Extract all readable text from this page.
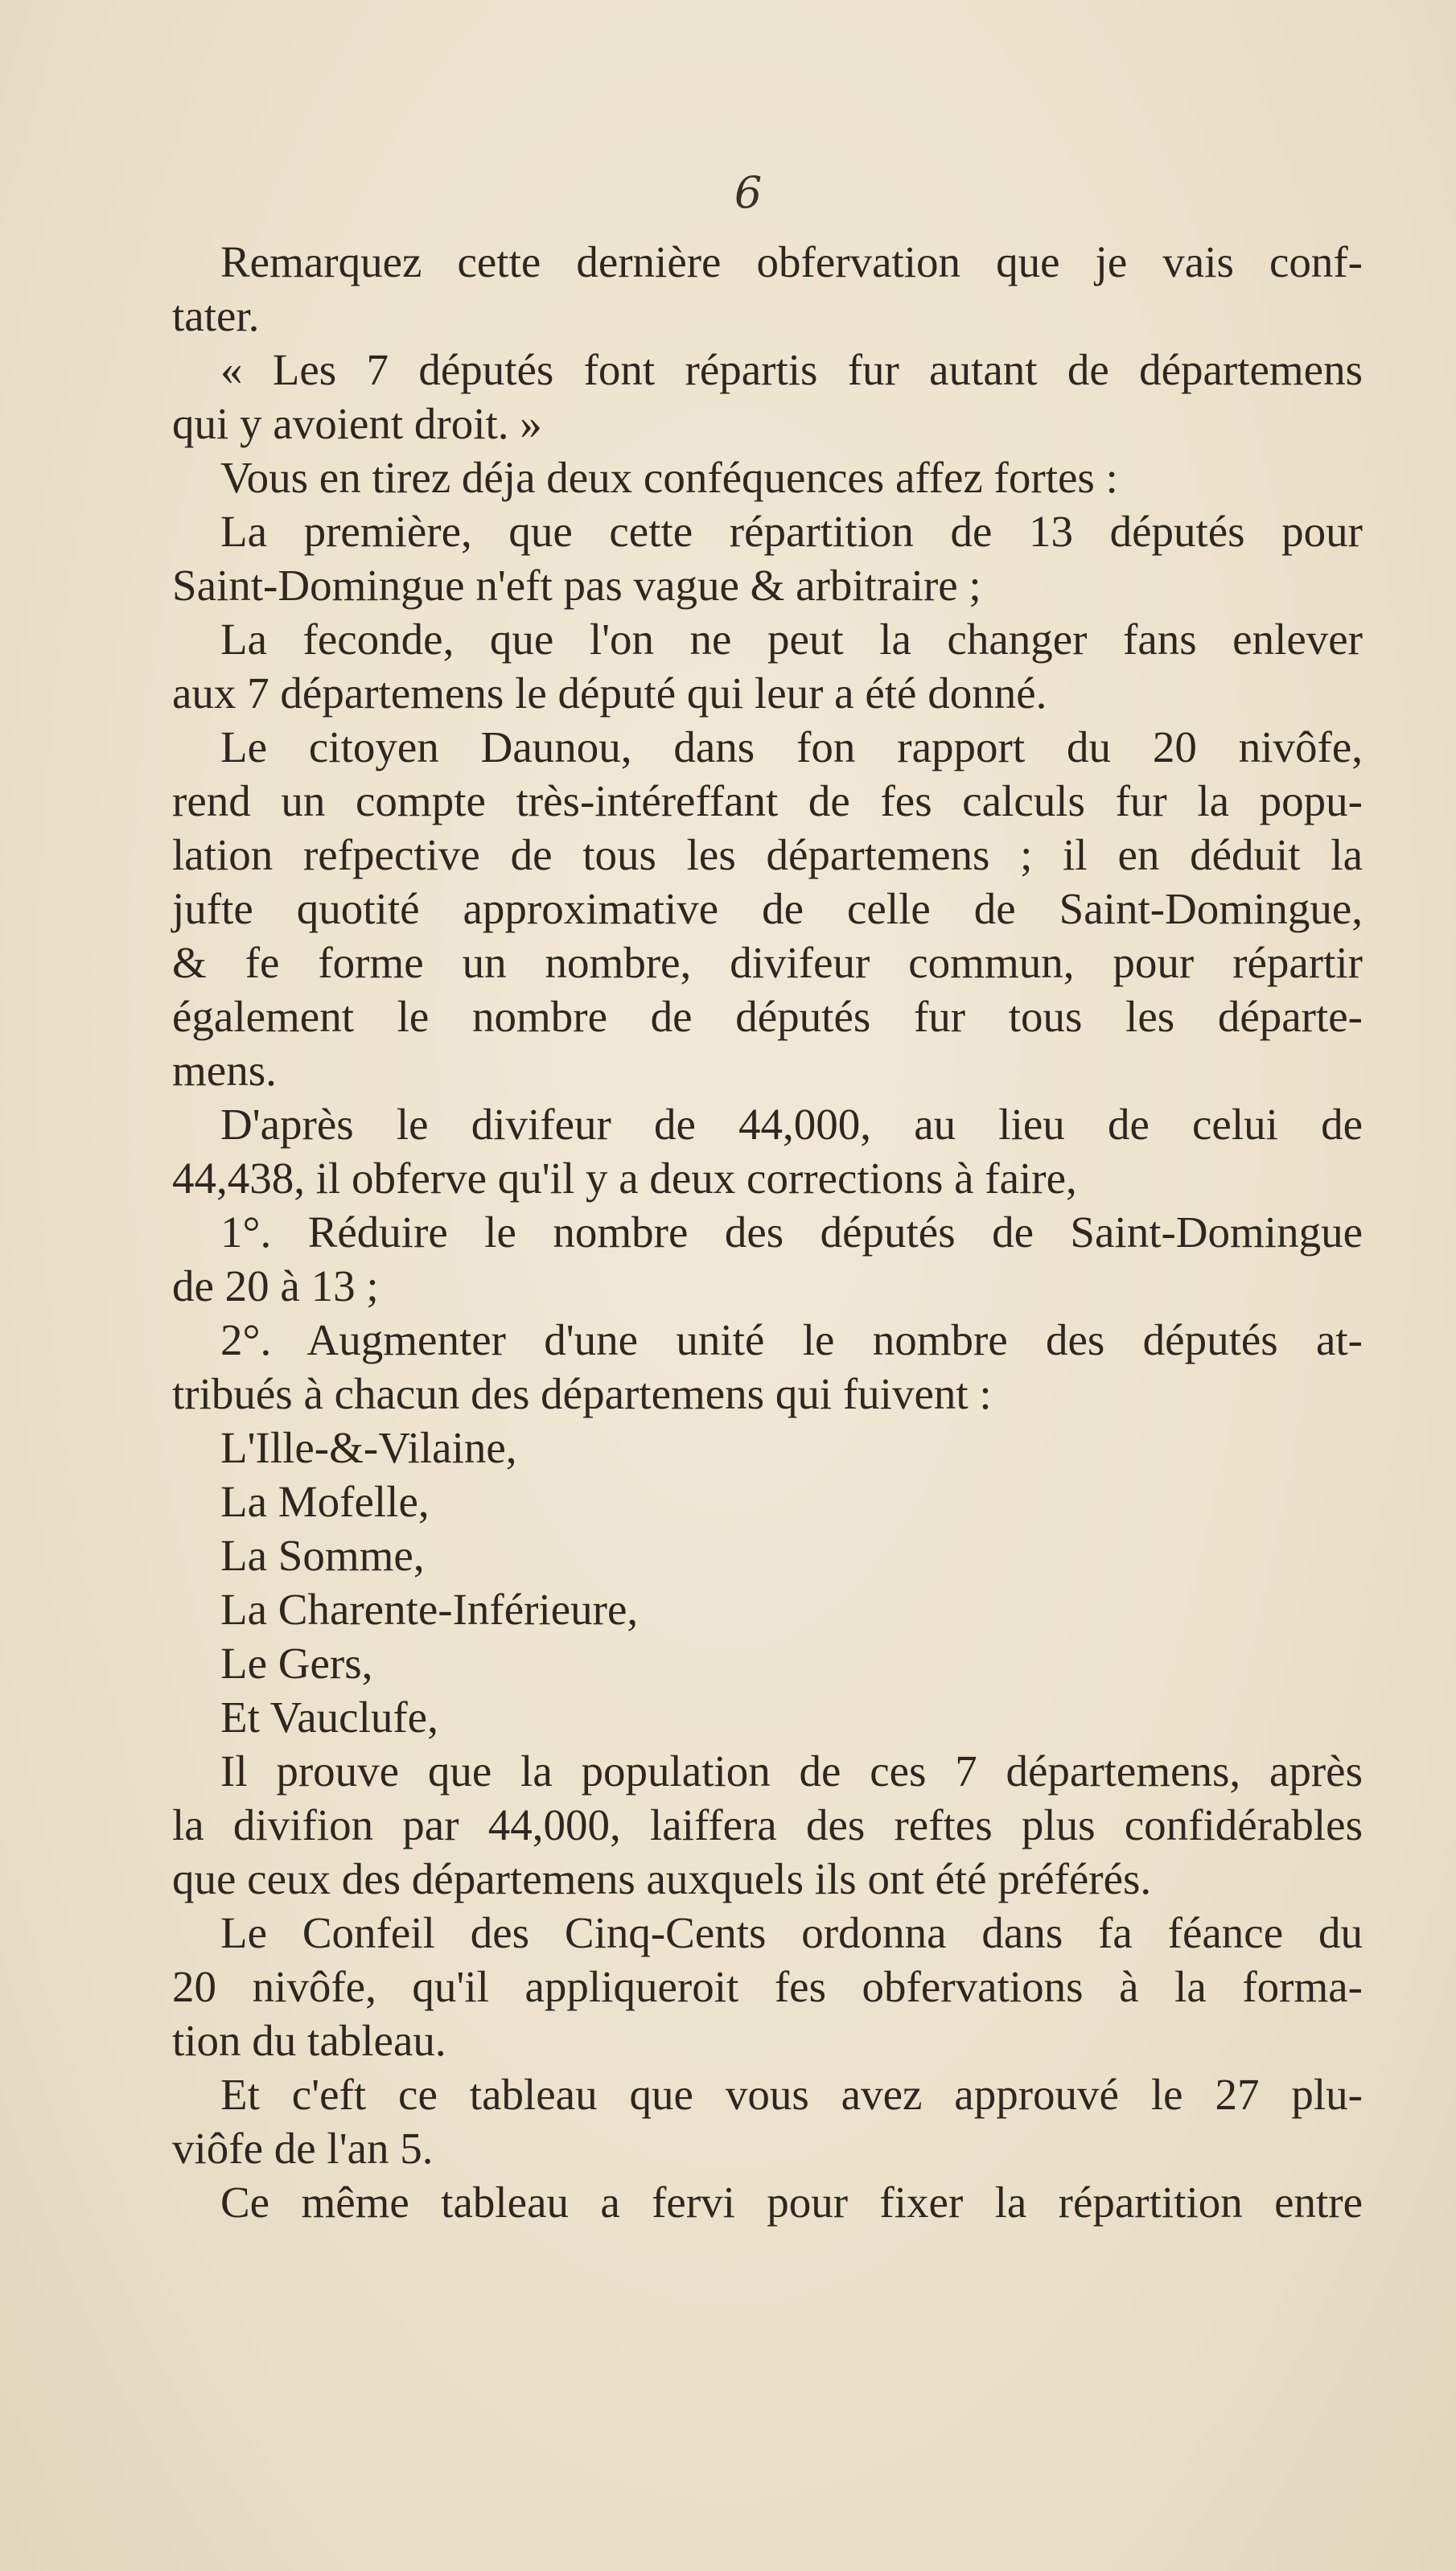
6
Remarquez cette dernière obfervation que je vais conf-
tater.
« Les 7 députés font répartis fur autant de départemens
qui y avoient droit. »
Vous en tirez déja deux conféquences affez fortes :
La première, que cette répartition de 13 députés pour
Saint-Domingue n'eft pas vague & arbitraire ;
La feconde, que l'on ne peut la changer fans enlever
aux 7 départemens le député qui leur a été donné.
Le citoyen Daunou, dans fon rapport du 20 nivôfe,
rend un compte très-intéreffant de fes calculs fur la popu-
lation refpective de tous les départemens ; il en déduit la
jufte quotité approximative de celle de Saint-Domingue,
& fe forme un nombre, divifeur commun, pour répartir
également le nombre de députés fur tous les départe-
mens.
D'après le divifeur de 44,000, au lieu de celui de
44,438, il obferve qu'il y a deux corrections à faire,
1°. Réduire le nombre des députés de Saint-Domingue
de 20 à 13 ;
2°. Augmenter d'une unité le nombre des députés at-
tribués à chacun des départemens qui fuivent :
L'Ille-&-Vilaine,
La Mofelle,
La Somme,
La Charente-Inférieure,
Le Gers,
Et Vauclufe,
Il prouve que la population de ces 7 départemens, après
la divifion par 44,000, laiffera des reftes plus confidérables
que ceux des départemens auxquels ils ont été préférés.
Le Confeil des Cinq-Cents ordonna dans fa féance du
20 nivôfe, qu'il appliqueroit fes obfervations à la forma-
tion du tableau.
Et c'eft ce tableau que vous avez approuvé le 27 plu-
viôfe de l'an 5.
Ce même tableau a fervi pour fixer la répartition entre
